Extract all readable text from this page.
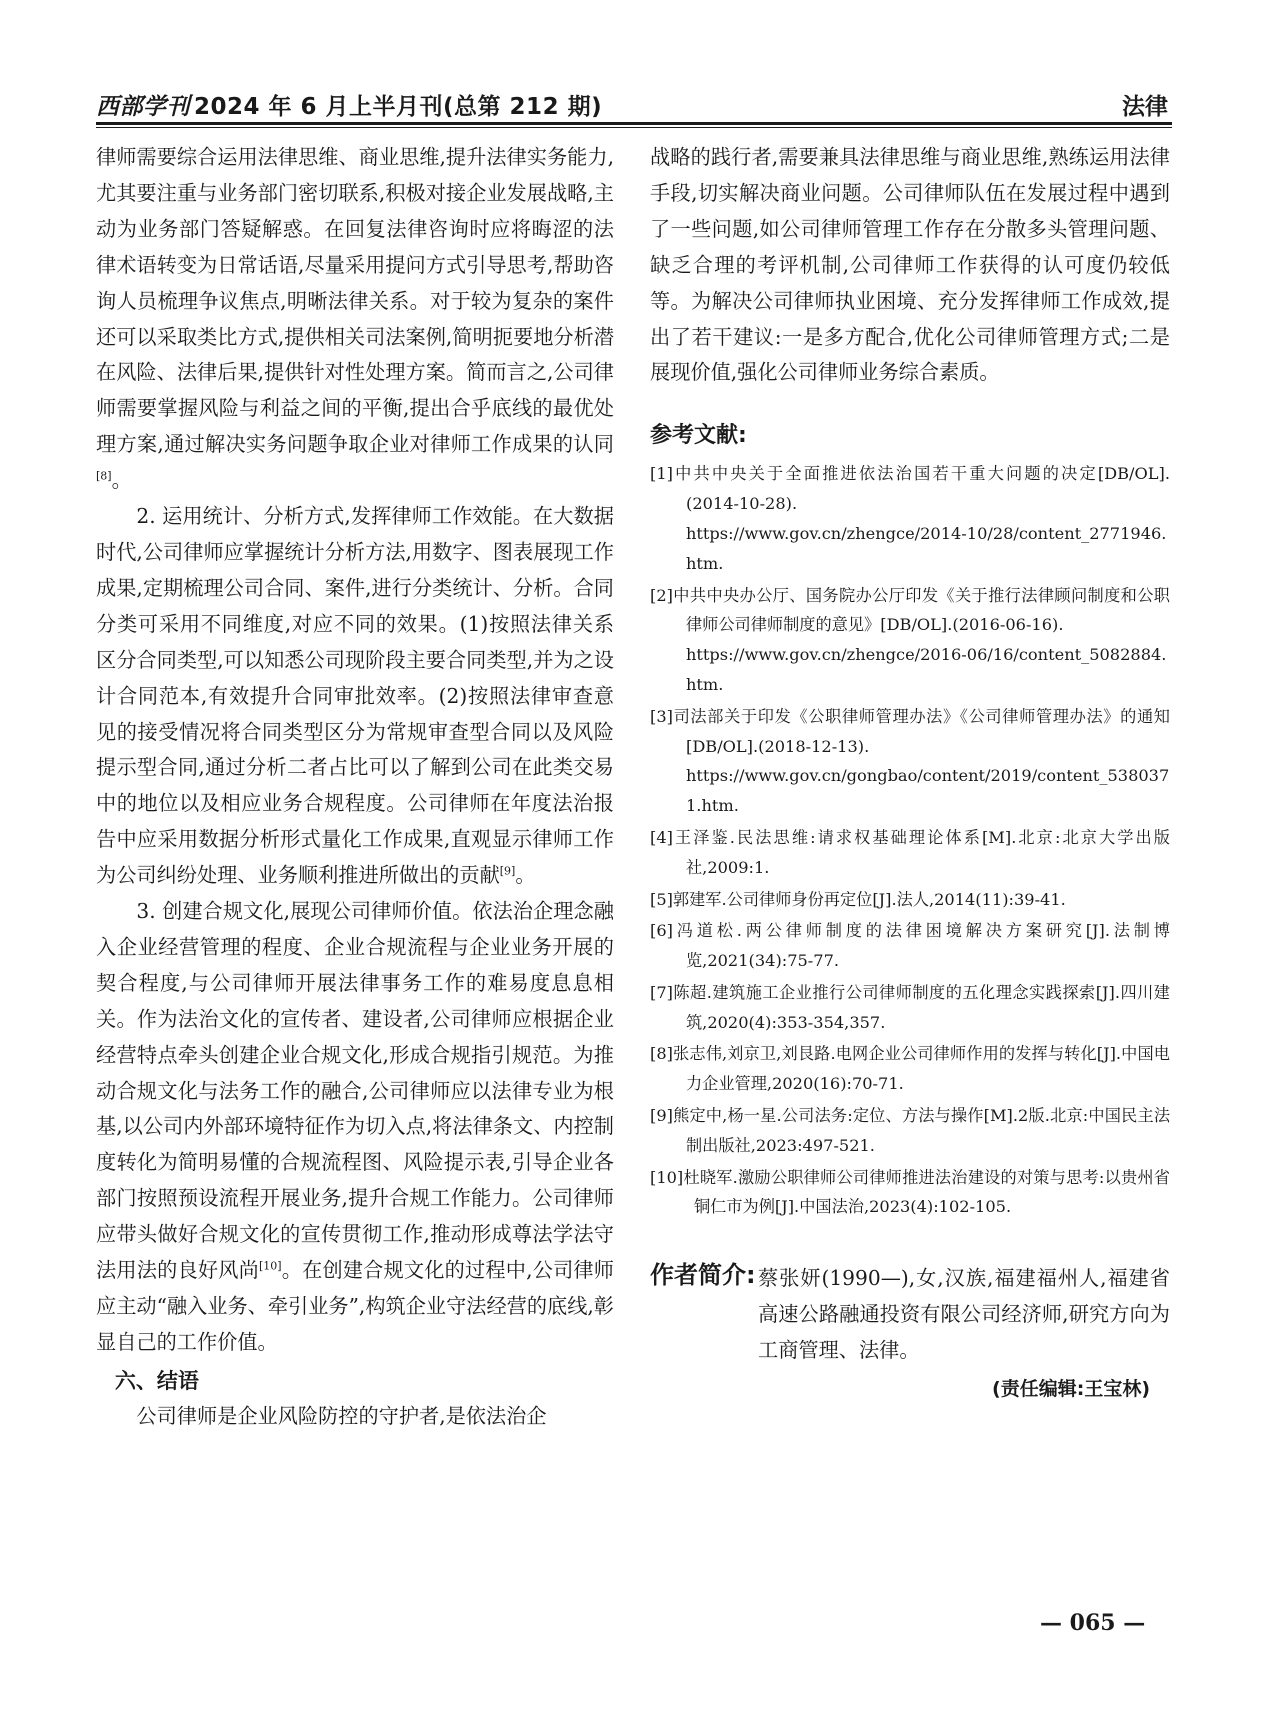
西部学刊 2024 年 6 月上半月刊(总第 212 期)	法律

律师需要综合运用法律思维、商业思维,提升法律实务能力,尤其要注重与业务部门密切联系,积极对接企业发展战略,主动为业务部门答疑解惑。在回复法律咨询时应将晦涩的法律术语转变为日常话语,尽量采用提问方式引导思考,帮助咨询人员梳理争议焦点,明晰法律关系。对于较为复杂的案件还可以采取类比方式,提供相关司法案例,简明扼要地分析潜在风险、法律后果,提供针对性处理方案。简而言之,公司律师需要掌握风险与利益之间的平衡,提出合乎底线的最优处理方案,通过解决实务问题争取企业对律师工作成果的认同[8]。

2. 运用统计、分析方式,发挥律师工作效能。在大数据时代,公司律师应掌握统计分析方法,用数字、图表展现工作成果,定期梳理公司合同、案件,进行分类统计、分析。合同分类可采用不同维度,对应不同的效果。(1)按照法律关系区分合同类型,可以知悉公司现阶段主要合同类型,并为之设计合同范本,有效提升合同审批效率。(2)按照法律审查意见的接受情况将合同类型区分为常规审查型合同以及风险提示型合同,通过分析二者占比可以了解到公司在此类交易中的地位以及相应业务合规程度。公司律师在年度法治报告中应采用数据分析形式量化工作成果,直观显示律师工作为公司纠纷处理、业务顺利推进所做出的贡献[9]。

3. 创建合规文化,展现公司律师价值。依法治企理念融入企业经营管理的程度、企业合规流程与企业业务开展的契合程度,与公司律师开展法律事务工作的难易度息息相关。作为法治文化的宣传者、建设者,公司律师应根据企业经营特点牵头创建企业合规文化,形成合规指引规范。为推动合规文化与法务工作的融合,公司律师应以法律专业为根基,以公司内外部环境特征作为切入点,将法律条文、内控制度转化为简明易懂的合规流程图、风险提示表,引导企业各部门按照预设流程开展业务,提升合规工作能力。公司律师应带头做好合规文化的宣传贯彻工作,推动形成尊法学法守法用法的良好风尚[10]。在创建合规文化的过程中,公司律师应主动“融入业务、牵引业务”,构筑企业守法经营的底线,彰显自己的工作价值。

六、结语

公司律师是企业风险防控的守护者,是依法治企

战略的践行者,需要兼具法律思维与商业思维,熟练运用法律手段,切实解决商业问题。公司律师队伍在发展过程中遇到了一些问题,如公司律师管理工作存在分散多头管理问题、缺乏合理的考评机制,公司律师工作获得的认可度仍较低等。为解决公司律师执业困境、充分发挥律师工作成效,提出了若干建议:一是多方配合,优化公司律师管理方式;二是展现价值,强化公司律师业务综合素质。

参考文献:
[1]中共中央关于全面推进依法治国若干重大问题的决定[DB/OL].(2014-10-28).
https://www.gov.cn/zhengce/2014-10/28/content_2771946.htm.
[2]中共中央办公厅、国务院办公厅印发《关于推行法律顾问制度和公职律师公司律师制度的意见》[DB/OL].(2016-06-16).
https://www.gov.cn/zhengce/2016-06/16/content_5082884.htm.
[3]司法部关于印发《公职律师管理办法》《公司律师管理办法》的通知[DB/OL].(2018-12-13).
https://www.gov.cn/gongbao/content/2019/content_5380371.htm.
[4]王泽鉴.民法思维:请求权基础理论体系[M].北京:北京大学出版社,2009:1.
[5]郭建军.公司律师身份再定位[J].法人,2014(11):39-41.
[6]冯道松.两公律师制度的法律困境解决方案研究[J].法制博览,2021(34):75-77.
[7]陈超.建筑施工企业推行公司律师制度的五化理念实践探索[J].四川建筑,2020(4):353-354,357.
[8]张志伟,刘京卫,刘艮路.电网企业公司律师作用的发挥与转化[J].中国电力企业管理,2020(16):70-71.
[9]熊定中,杨一星.公司法务:定位、方法与操作[M].2版.北京:中国民主法制出版社,2023:497-521.
[10]杜晓军.激励公职律师公司律师推进法治建设的对策与思考:以贵州省铜仁市为例[J].中国法治,2023(4):102-105.
作者简介: 蔡张妍(1990—),女,汉族,福建福州人,福建省高速公路融通投资有限公司经济师,研究方向为工商管理、法律。
(责任编辑:王宝林)
— 065 —
